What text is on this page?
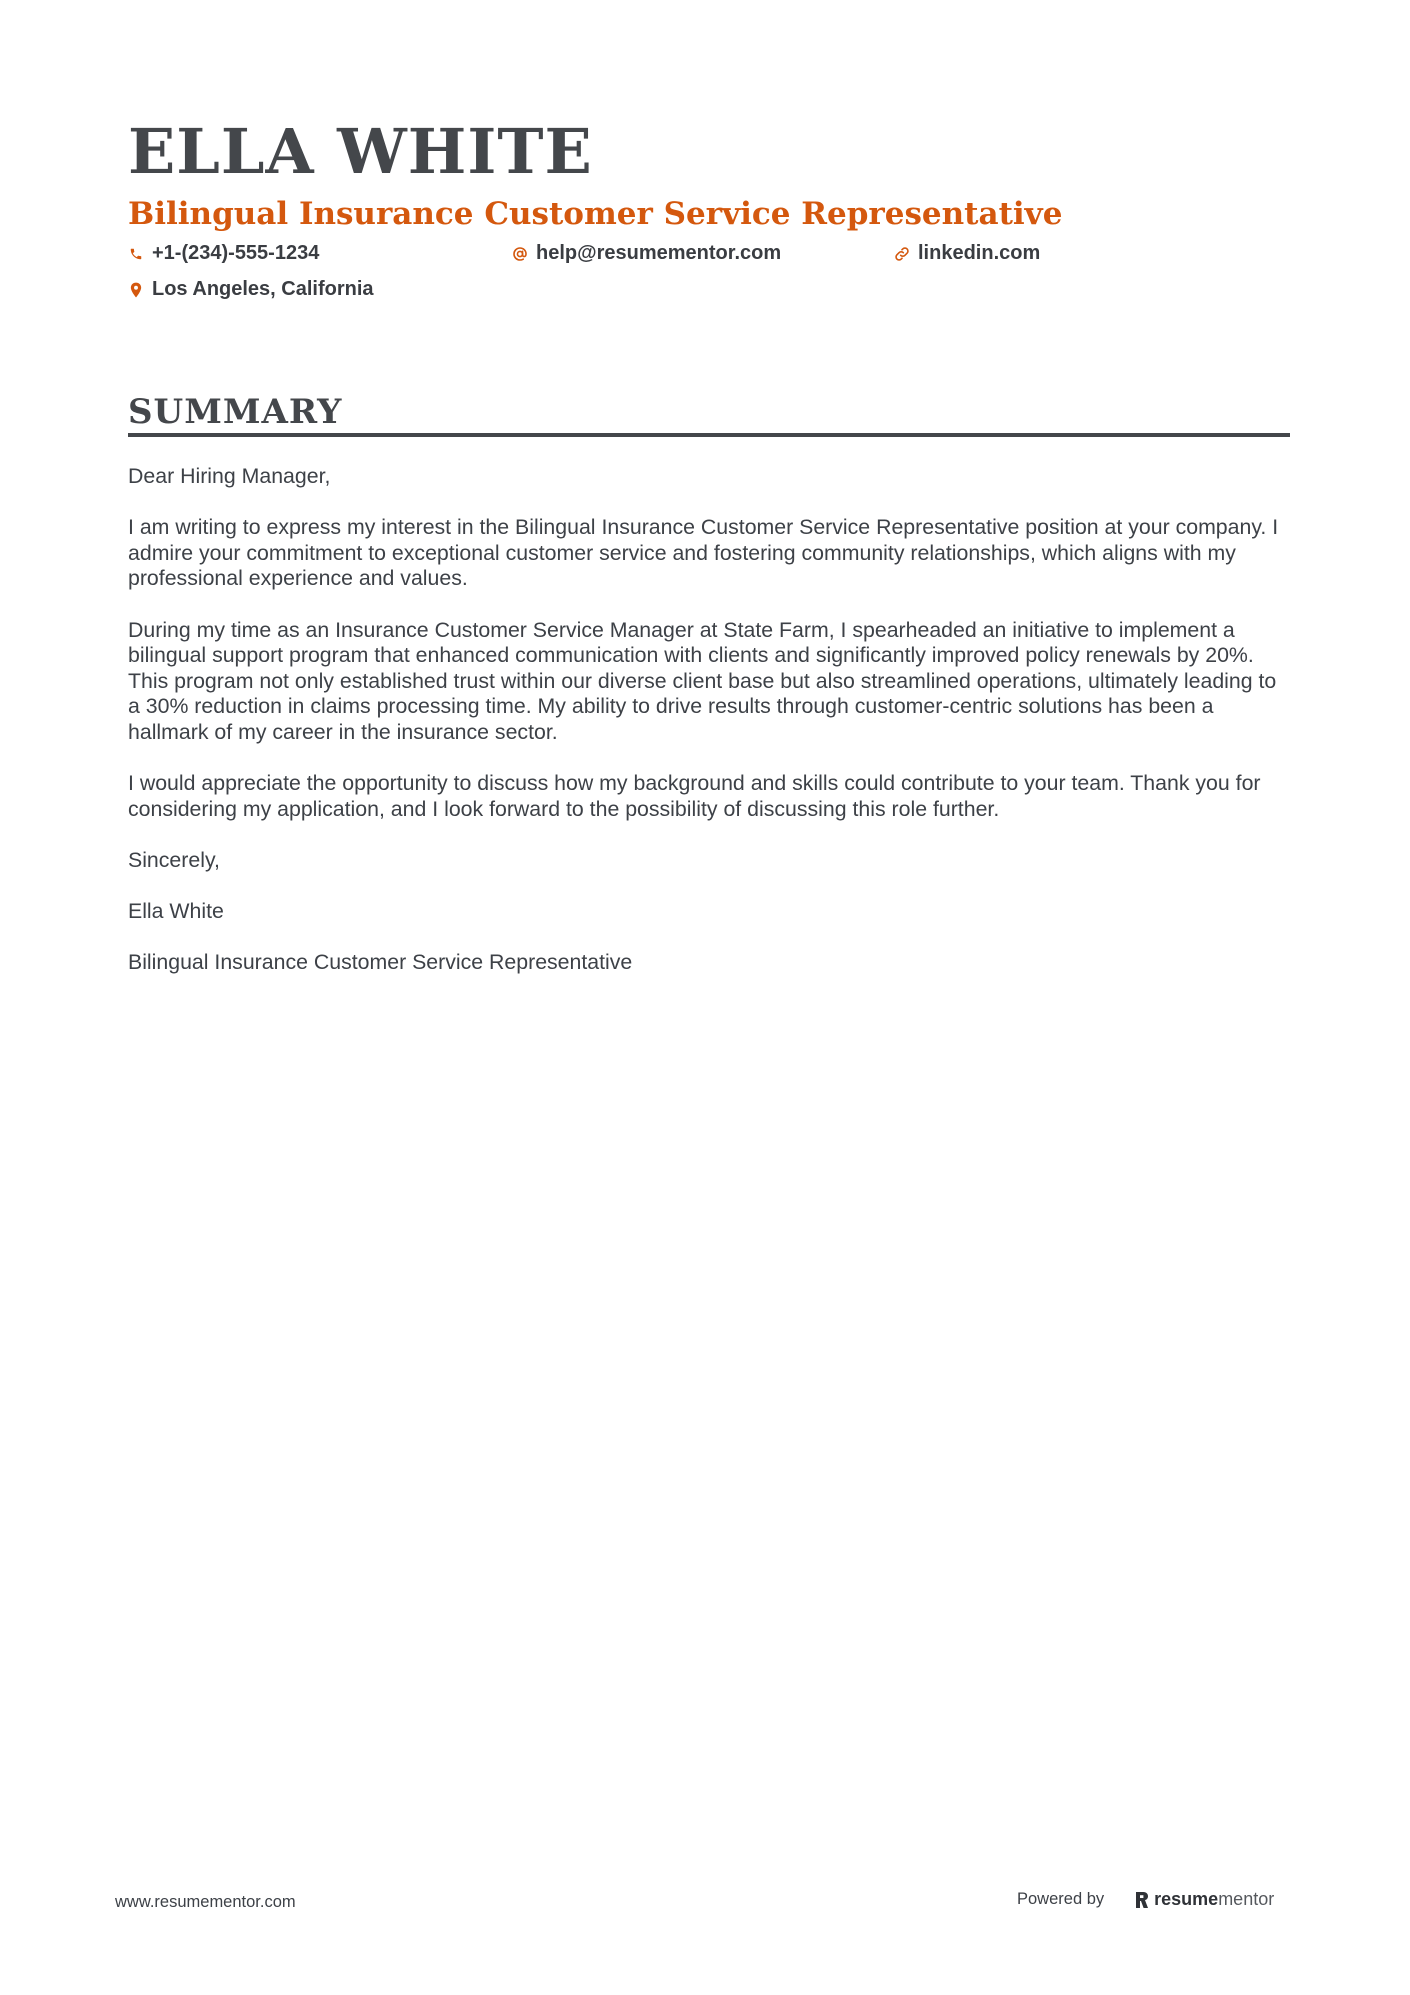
ELLA WHITE
Bilingual Insurance Customer Service Representative
+1-(234)-555-1234	help@resumementor.com	linkedin.com
Los Angeles, California
SUMMARY

Dear Hiring Manager,

I am writing to express my interest in the Bilingual Insurance Customer Service Representative position at your company. I admire your commitment to exceptional customer service and fostering community relationships, which aligns with my professional experience and values.

During my time as an Insurance Customer Service Manager at State Farm, I spearheaded an initiative to implement a bilingual support program that enhanced communication with clients and significantly improved policy renewals by 20%. This program not only established trust within our diverse client base but also streamlined operations, ultimately leading to a 30% reduction in claims processing time. My ability to drive results through customer-centric solutions has been a hallmark of my career in the insurance sector.

I would appreciate the opportunity to discuss how my background and skills could contribute to your team. Thank you for considering my application, and I look forward to the possibility of discussing this role further.

Sincerely,

Ella White

Bilingual Insurance Customer Service Representative

www.resumementor.com	Powered by	resume mentor
